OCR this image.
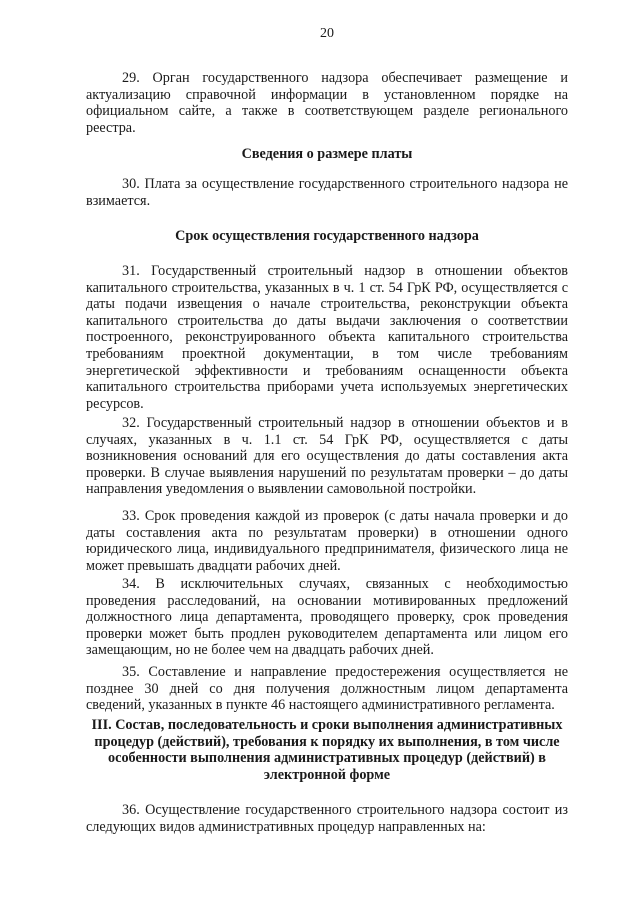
20

29. Орган государственного надзора обеспечивает размещение и актуализацию справочной информации в установленном порядке на официальном сайте, а также в соответствующем разделе регионального реестра.

Сведения о размере платы

30. Плата за осуществление государственного строительного надзора не взимается.

Срок осуществления государственного надзора

31. Государственный строительный надзор в отношении объектов капитального строительства, указанных в ч. 1 ст. 54 ГрК РФ, осуществляется с даты подачи извещения о начале строительства, реконструкции объекта капитального строительства до даты выдачи заключения о соответствии построенного, реконструированного объекта капитального строительства требованиям проектной документации, в том числе требованиям энергетической эффективности и требованиям оснащенности объекта капитального строительства приборами учета используемых энергетических ресурсов.

32. Государственный строительный надзор в отношении объектов и в случаях, указанных в ч. 1.1 ст. 54 ГрК РФ, осуществляется с даты возникновения оснований для его осуществления до даты составления акта проверки. В случае выявления нарушений по результатам проверки – до даты направления уведомления о выявлении самовольной постройки.

33. Срок проведения каждой из проверок (с даты начала проверки и до даты составления акта по результатам проверки) в отношении одного юридического лица, индивидуального предпринимателя, физического лица не может превышать двадцати рабочих дней.

34. В исключительных случаях, связанных с необходимостью проведения расследований, на основании мотивированных предложений должностного лица департамента, проводящего проверку, срок проведения проверки может быть продлен руководителем департамента или лицом его замещающим, но не более чем на двадцать рабочих дней.

35. Составление и направление предостережения осуществляется не позднее 30 дней со дня получения должностным лицом департамента сведений, указанных в пункте 46 настоящего административного регламента.

III. Состав, последовательность и сроки выполнения административных процедур (действий), требования к порядку их выполнения, в том числе особенности выполнения административных процедур (действий) в электронной форме

36. Осуществление государственного строительного надзора состоит из следующих видов административных процедур направленных на:
